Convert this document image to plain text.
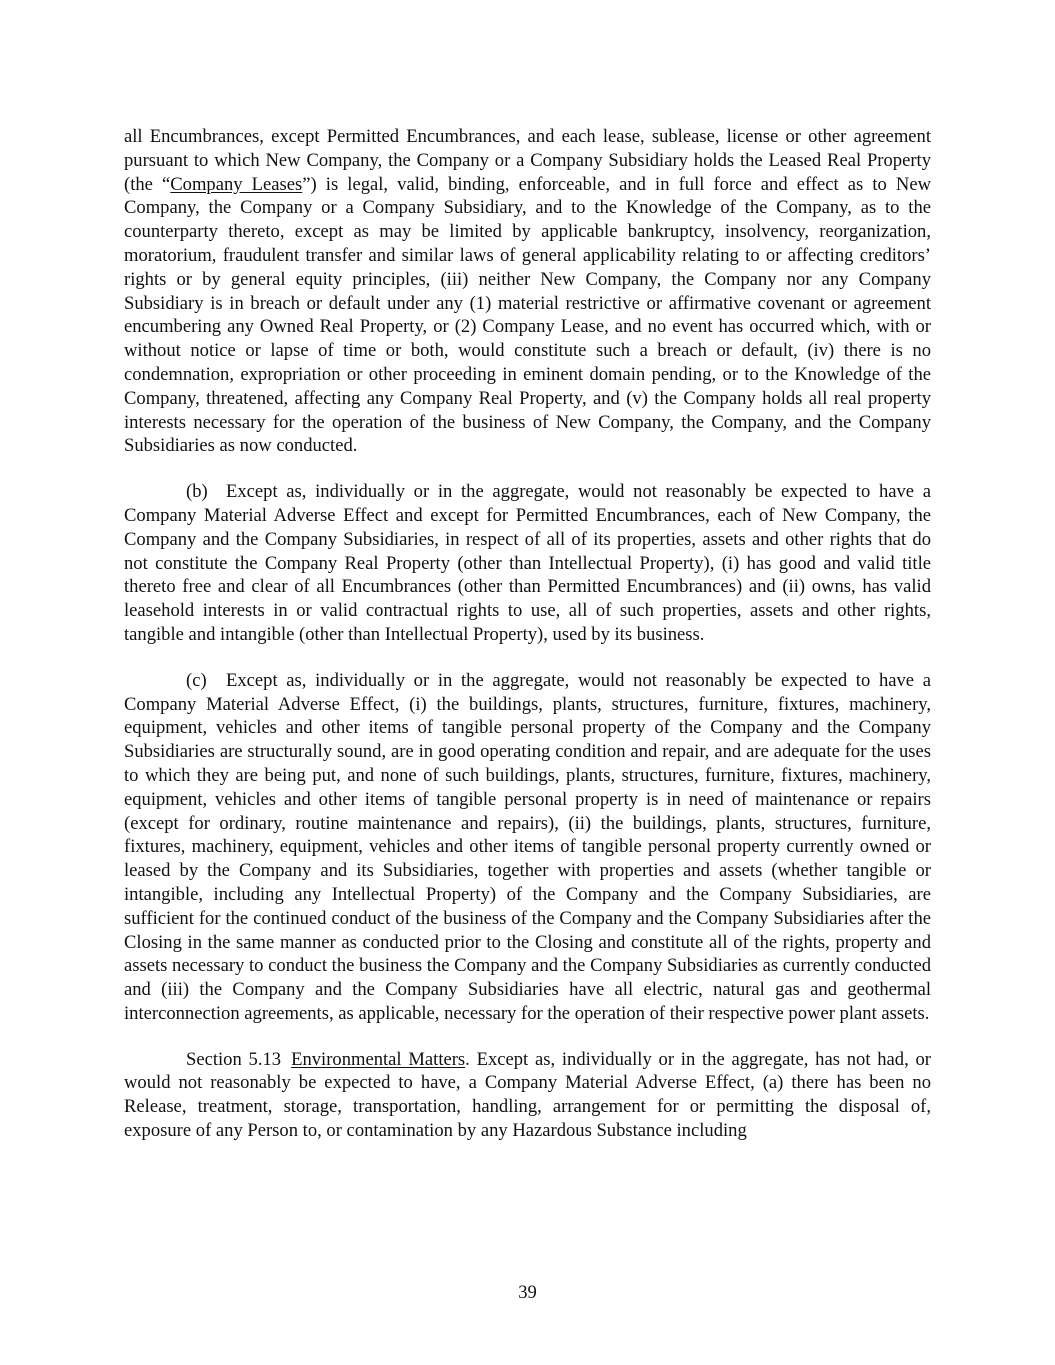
all Encumbrances, except Permitted Encumbrances, and each lease, sublease, license or other agreement pursuant to which New Company, the Company or a Company Subsidiary holds the Leased Real Property (the “Company Leases”) is legal, valid, binding, enforceable, and in full force and effect as to New Company, the Company or a Company Subsidiary, and to the Knowledge of the Company, as to the counterparty thereto, except as may be limited by applicable bankruptcy, insolvency, reorganization, moratorium, fraudulent transfer and similar laws of general applicability relating to or affecting creditors’ rights or by general equity principles, (iii) neither New Company, the Company nor any Company Subsidiary is in breach or default under any (1) material restrictive or affirmative covenant or agreement encumbering any Owned Real Property, or (2) Company Lease, and no event has occurred which, with or without notice or lapse of time or both, would constitute such a breach or default, (iv) there is no condemnation, expropriation or other proceeding in eminent domain pending, or to the Knowledge of the Company, threatened, affecting any Company Real Property, and (v) the Company holds all real property interests necessary for the operation of the business of New Company, the Company, and the Company Subsidiaries as now conducted.

(b) Except as, individually or in the aggregate, would not reasonably be expected to have a Company Material Adverse Effect and except for Permitted Encumbrances, each of New Company, the Company and the Company Subsidiaries, in respect of all of its properties, assets and other rights that do not constitute the Company Real Property (other than Intellectual Property), (i) has good and valid title thereto free and clear of all Encumbrances (other than Permitted Encumbrances) and (ii) owns, has valid leasehold interests in or valid contractual rights to use, all of such properties, assets and other rights, tangible and intangible (other than Intellectual Property), used by its business.

(c) Except as, individually or in the aggregate, would not reasonably be expected to have a Company Material Adverse Effect, (i) the buildings, plants, structures, furniture, fixtures, machinery, equipment, vehicles and other items of tangible personal property of the Company and the Company Subsidiaries are structurally sound, are in good operating condition and repair, and are adequate for the uses to which they are being put, and none of such buildings, plants, structures, furniture, fixtures, machinery, equipment, vehicles and other items of tangible personal property is in need of maintenance or repairs (except for ordinary, routine maintenance and repairs), (ii) the buildings, plants, structures, furniture, fixtures, machinery, equipment, vehicles and other items of tangible personal property currently owned or leased by the Company and its Subsidiaries, together with properties and assets (whether tangible or intangible, including any Intellectual Property) of the Company and the Company Subsidiaries, are sufficient for the continued conduct of the business of the Company and the Company Subsidiaries after the Closing in the same manner as conducted prior to the Closing and constitute all of the rights, property and assets necessary to conduct the business the Company and the Company Subsidiaries as currently conducted and (iii) the Company and the Company Subsidiaries have all electric, natural gas and geothermal interconnection agreements, as applicable, necessary for the operation of their respective power plant assets.

Section 5.13 Environmental Matters. Except as, individually or in the aggregate, has not had, or would not reasonably be expected to have, a Company Material Adverse Effect, (a) there has been no Release, treatment, storage, transportation, handling, arrangement for or permitting the disposal of, exposure of any Person to, or contamination by any Hazardous Substance including

39
